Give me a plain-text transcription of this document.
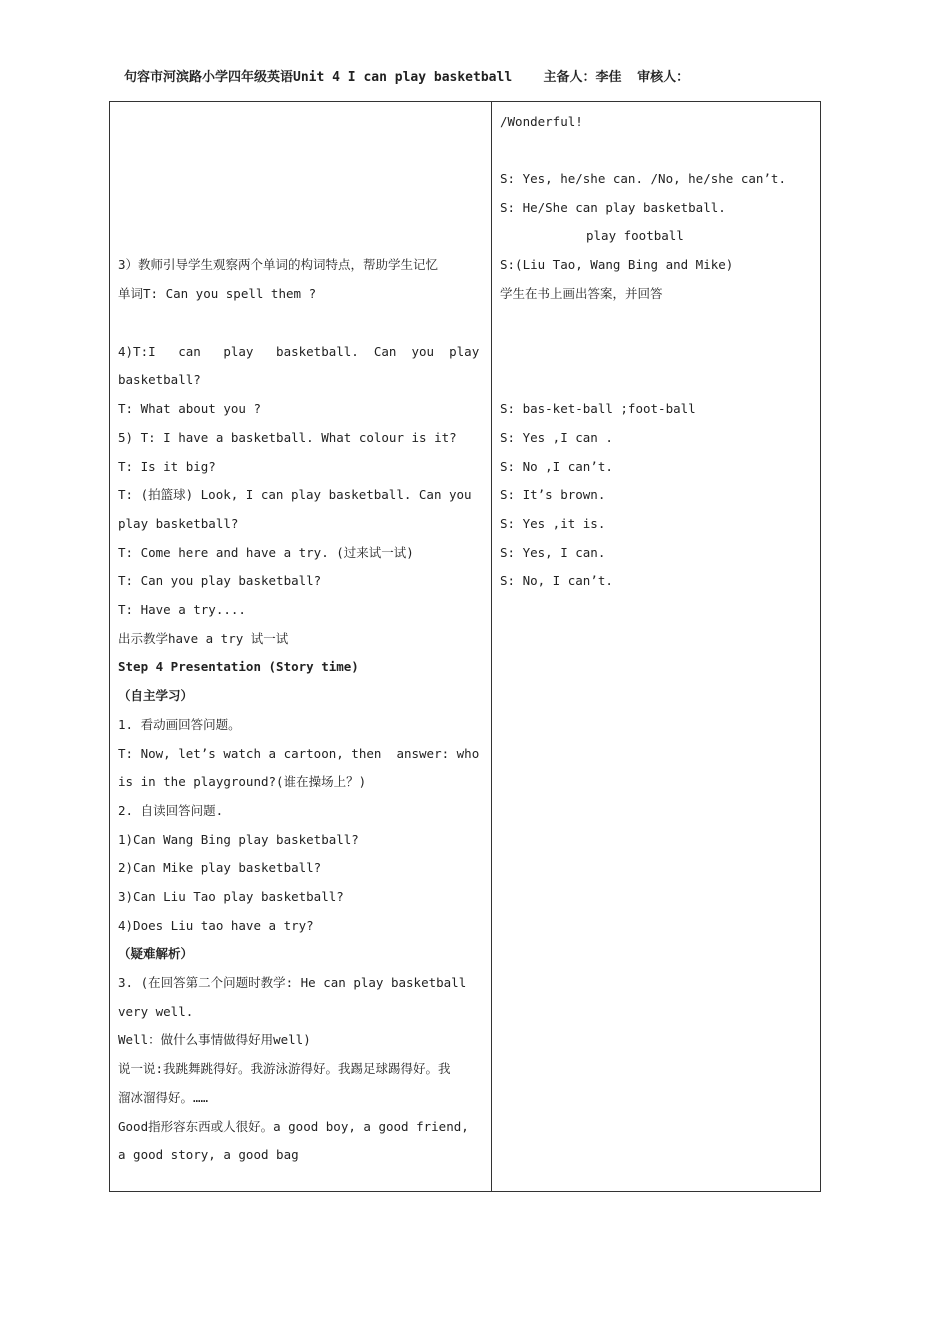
句容市河滨路小学四年级英语Unit 4 I can play basketball    主备人：李佳  审核人：
3）教师引导学生观察两个单词的构词特点，帮助学生记忆
单词T: Can you spell them ?
4)T:I   can   play   basketball.  Can  you  play
basketball?
T: What about you ?
5) T: I have a basketball. What colour is it?
T: Is it big?
T: (拍篮球) Look, I can play basketball. Can you
play basketball?
T: Come here and have a try. (过来试一试)
T: Can you play basketball?
T: Have a try....
出示教学have a try 试一试
Step 4 Presentation (Story time)
（自主学习）
1. 看动画回答问题。
T: Now, let’s watch a cartoon, then  answer: who
is in the playground?(谁在操场上？)
2. 自读回答问题.
1)Can Wang Bing play basketball?
2)Can Mike play basketball?
3)Can Liu Tao play basketball?
4)Does Liu tao have a try?
（疑难解析）
3. (在回答第二个问题时教学: He can play basketball
very well.
Well：做什么事情做得好用well)
说一说:我跳舞跳得好。我游泳游得好。我踢足球踢得好。我
溜冰溜得好。……
Good指形容东西或人很好。a good boy, a good friend,
a good story, a good bag
/Wonderful!
S: Yes, he/she can. /No, he/she can’t.
S: He/She can play basketball.
play football
S:(Liu Tao, Wang Bing and Mike)
学生在书上画出答案，并回答
S: bas-ket-ball ;foot-ball
S: Yes ,I can .
S: No ,I can’t.
S: It’s brown.
S: Yes ,it is.
S: Yes, I can.
S: No, I can’t.
